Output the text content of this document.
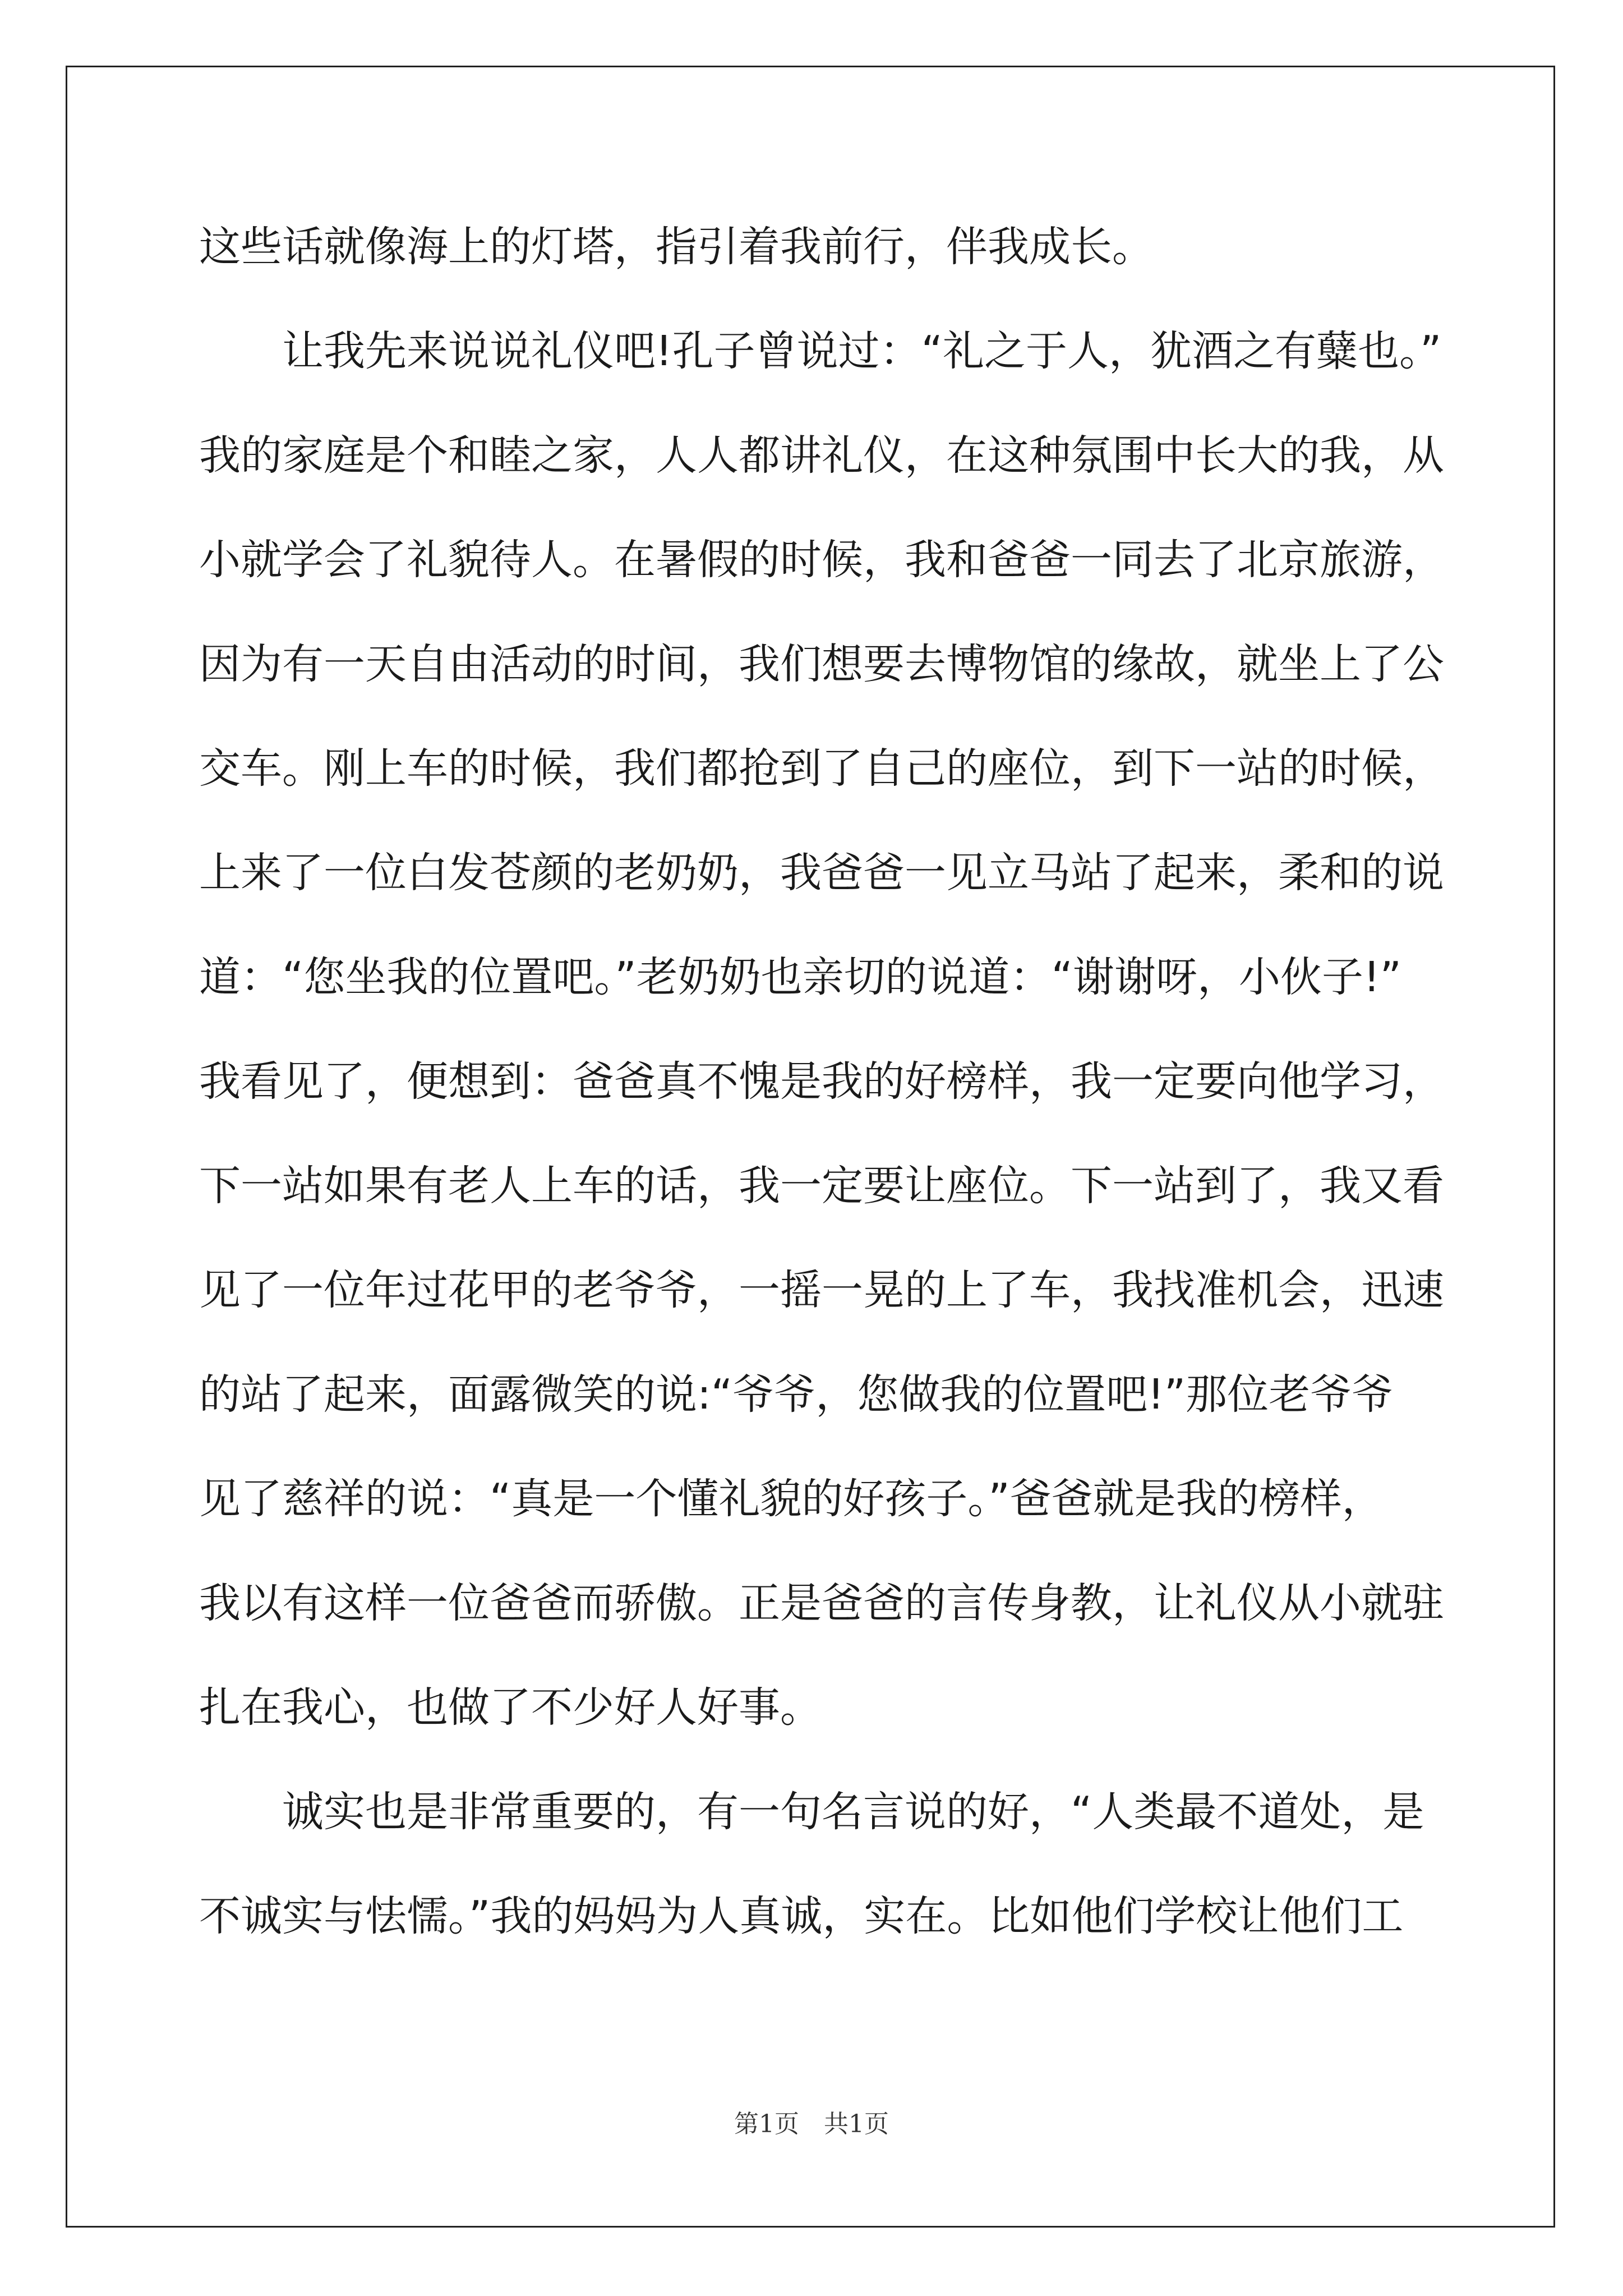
这些话就像海上的灯塔，指引着我前行，伴我成长。
　　让我先来说说礼仪吧!孔子曾说过：“礼之于人，犹酒之有糵也。”
我的家庭是个和睦之家，人人都讲礼仪，在这种氛围中长大的我，从
小就学会了礼貌待人。在暑假的时候，我和爸爸一同去了北京旅游，
因为有一天自由活动的时间，我们想要去博物馆的缘故，就坐上了公
交车。刚上车的时候，我们都抢到了自己的座位，到下一站的时候，
上来了一位白发苍颜的老奶奶，我爸爸一见立马站了起来，柔和的说
道：“您坐我的位置吧。”老奶奶也亲切的说道：“谢谢呀，小伙子!”
我看见了，便想到：爸爸真不愧是我的好榜样，我一定要向他学习，
下一站如果有老人上车的话，我一定要让座位。下一站到了，我又看
见了一位年过花甲的老爷爷，一摇一晃的上了车，我找准机会，迅速
的站了起来，面露微笑的说:“爷爷，您做我的位置吧!”那位老爷爷
见了慈祥的说：“真是一个懂礼貌的好孩子。”爸爸就是我的榜样，
我以有这样一位爸爸而骄傲。正是爸爸的言传身教，让礼仪从小就驻
扎在我心，也做了不少好人好事。
　　诚实也是非常重要的，有一句名言说的好，“人类最不道处，是
不诚实与怯懦。”我的妈妈为人真诚，实在。比如他们学校让他们工
第1页　共1页
